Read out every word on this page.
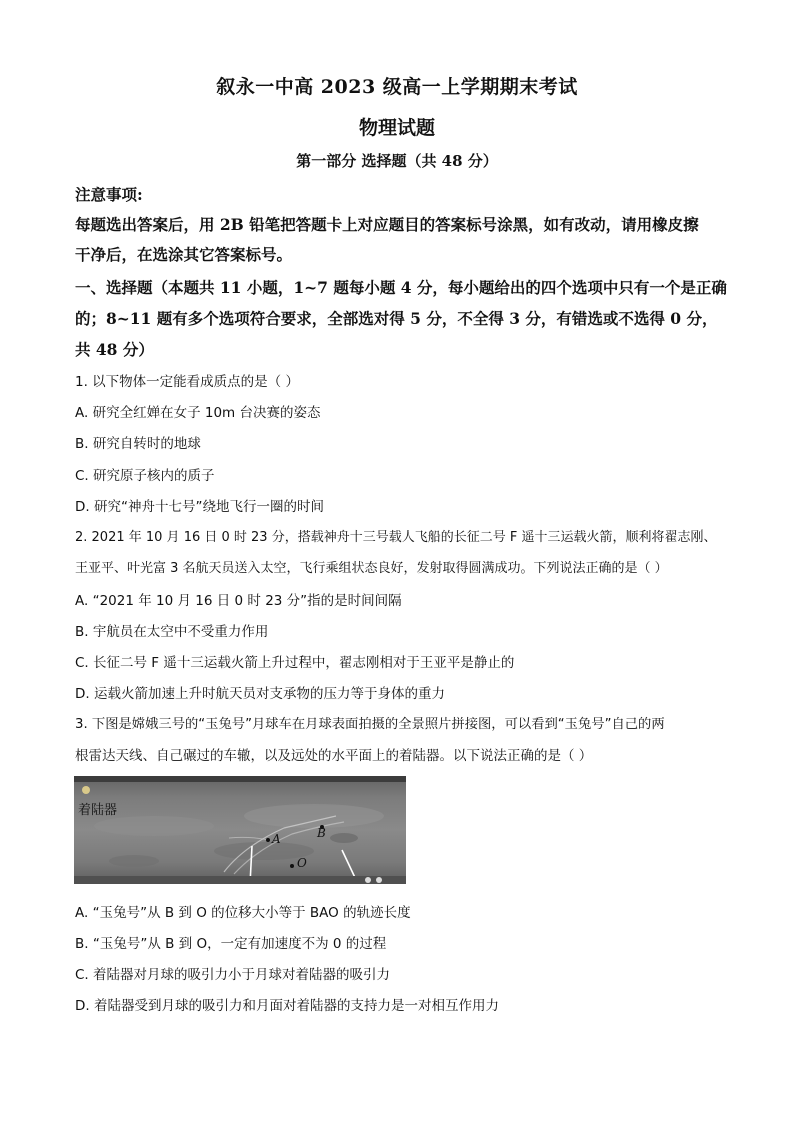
叙永一中高 2023 级高一上学期期末考试
物理试题
第一部分 选择题（共 48 分）
注意事项:
每题选出答案后，用 2B 铅笔把答题卡上对应题目的答案标号涂黑，如有改动，请用橡皮擦
干净后，在选涂其它答案标号。
一、选择题（本题共 11 小题，1~7 题每小题 4 分，每小题给出的四个选项中只有一个是正确
的；8~11 题有多个选项符合要求，全部选对得 5 分，不全得 3 分，有错选或不选得 0 分，
共 48 分）
1. 以下物体一定能看成质点的是（ ）
A. 研究全红婵在女子 10m 台决赛的姿态
B. 研究自转时的地球
C. 研究原子核内的质子
D. 研究“神舟十七号”绕地飞行一圈的时间
2. 2021 年 10 月 16 日 0 时 23 分，搭载神舟十三号载人飞船的长征二号 F 遥十三运载火箭，顺利将翟志刚、
王亚平、叶光富 3 名航天员送入太空，飞行乘组状态良好，发射取得圆满成功。下列说法正确的是（ ）
A. “2021 年 10 月 16 日 0 时 23 分”指的是时间间隔
B. 宇航员在太空中不受重力作用
C. 长征二号 F 遥十三运载火箭上升过程中，翟志刚相对于王亚平是静止的
D. 运载火箭加速上升时航天员对支承物的压力等于身体的重力
3. 下图是嫦娥三号的“玉兔号”月球车在月球表面拍摄的全景照片拼接图，可以看到“玉兔号”自己的两
根雷达天线、自己碾过的车辙，以及远处的水平面上的着陆器。以下说法正确的是（ ）
着陆器
A	B
O
A. “玉兔号”从 B 到 O 的位移大小等于 BAO 的轨迹长度
B. “玉兔号”从 B 到 O，一定有加速度不为 0 的过程
C. 着陆器对月球的吸引力小于月球对着陆器的吸引力
D. 着陆器受到月球的吸引力和月面对着陆器的支持力是一对相互作用力
